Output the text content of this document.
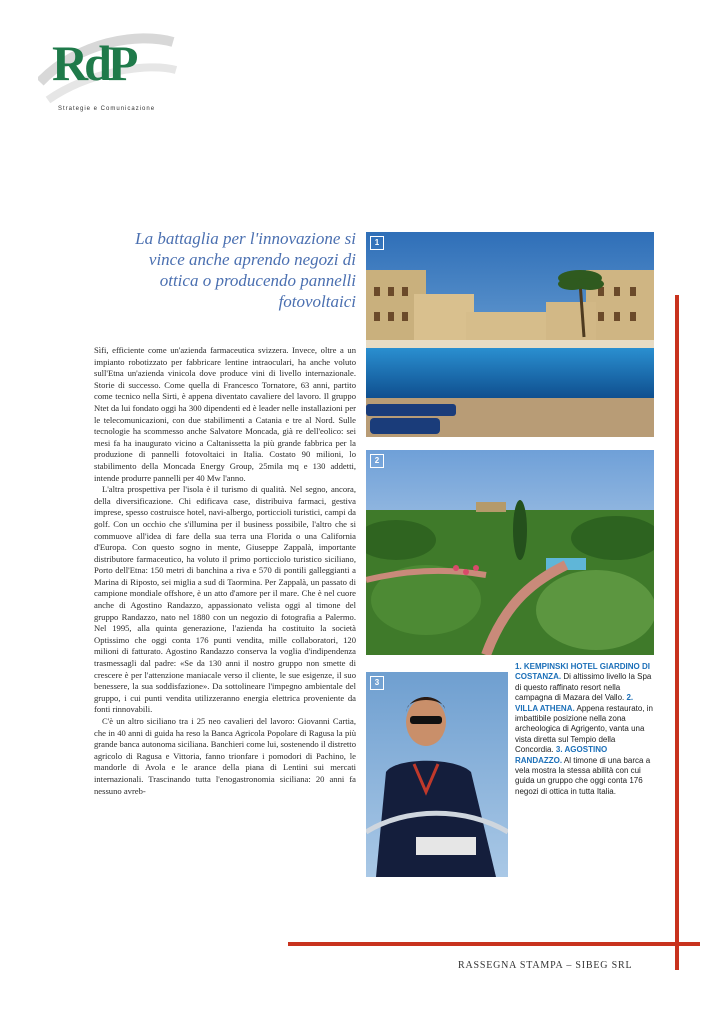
RdP
Strategie e Comunicazione
La battaglia per l'innovazione si vince anche aprendo negozi di ottica o producendo pannelli fotovoltaici

Sìfi, efficiente come un'azienda farmaceutica svizzera. Invece, oltre a un impianto robotizzato per fabbricare lentine intraoculari, ha anche voluto sull'Etna un'azienda vinicola dove produce vini di livello internazionale. Storie di successo. Come quella di Francesco Tornatore, 63 anni, partito come tecnico nella Sirti, è appena diventato cavaliere del lavoro. Il gruppo Ntet da lui fondato oggi ha 300 dipendenti ed è leader nelle installazioni per le telecomunicazioni, con due stabilimenti a Catania e tre al Nord. Sulle tecnologie ha scommesso anche Salvatore Moncada, già re dell'eolico: sei mesi fa ha inaugurato vicino a Caltanissetta la più grande fabbrica per la produzione di pannelli fotovoltaici in Italia. Costato 90 milioni, lo stabilimento della Moncada Energy Group, 25mila mq e 130 addetti, intende produrre pannelli per 40 Mw l'anno.

L'altra prospettiva per l'isola è il turismo di qualità. Nel segno, ancora, della diversificazione. Chi edificava case, distribuiva farmaci, gestiva imprese, spesso costruisce hotel, navi-albergo, porticcioli turistici, campi da golf. Con un occhio che s'illumina per il business possibile, l'altro che si commuove all'idea di fare della sua terra una Florida o una California d'Europa. Con questo sogno in mente, Giuseppe Zappalà, importante distributore farmaceutico, ha voluto il primo porticciolo turistico siciliano, Porto dell'Etna: 150 metri di banchina a riva e 570 di pontili galleggianti a Marina di Riposto, sei miglia a sud di Taormina. Per Zappalà, un passato di campione mondiale offshore, è un atto d'amore per il mare. Che è nel cuore anche di Agostino Randazzo, appassionato velista oggi al timone del gruppo Randazzo, nato nel 1880 con un negozio di fotografia a Palermo. Nel 1995, alla quinta generazione, l'azienda ha costituito la società Optissimo che oggi conta 176 punti vendita, mille collaboratori, 120 milioni di fatturato. Agostino Randazzo conserva la voglia d'indipendenza trasmessagli dal padre: «Se da 130 anni il nostro gruppo non smette di crescere è per l'attenzione maniacale verso il cliente, le sue esigenze, il suo benessere, la sua soddisfazione». Da sottolineare l'impegno ambientale del gruppo, i cui punti vendita utilizzeranno energia elettrica proveniente da fonti rinnovabili.

C'è un altro siciliano tra i 25 neo cavalieri del lavoro: Giovanni Cartia, che in 40 anni di guida ha reso la Banca Agricola Popolare di Ragusa la più grande banca autonoma siciliana. Banchieri come lui, sostenendo il distretto agricolo di Ragusa e Vittoria, fanno trionfare i pomodori di Pachino, le mandorle di Avola e le arance della piana di Lentini sui mercati internazionali. Trascinando tutta l'enogastronomia siciliana: 20 anni fa nessuno avreb-

1
2
3
1. KEMPINSKI HOTEL GIARDINO DI COSTANZA. Di altissimo livello la Spa di questo raffinato resort nella campagna di Mazara del Vallo. 2. VILLA ATHENA. Appena restaurato, in imbattibile posizione nella zona archeologica di Agrigento, vanta una vista diretta sul Tempio della Concordia. 3. AGOSTINO RANDAZZO. Al timone di una barca a vela mostra la stessa abilità con cui guida un gruppo che oggi conta 176 negozi di ottica in tutta Italia.
RASSEGNA STAMPA – SIBEG SRL
